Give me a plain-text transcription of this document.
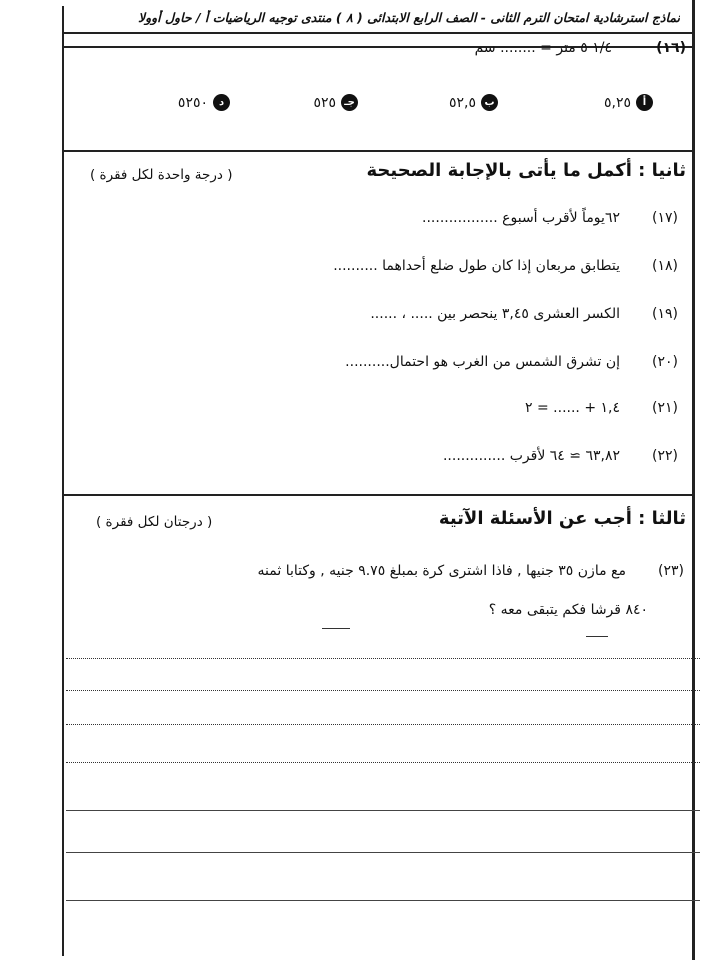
نماذج استرشادية امتحان الترم الثانى - الصف الرابع الابتدائى ( ٨ ) منتدى توجيه الرياضيات أ / حاول أوولا
(١٦)
١/٤ ٥ متر = ........ سم
أ
٥,٢٥
ب
٥٢,٥
جـ
٥٢٥
د
٥٢٥٠
ثانيا : أكمل ما يأتى بالإجابة الصحيحة
( درجة واحدة لكل فقرة )
(١٧)
٦٢يوماً لأقرب أسبوع .................
(١٨)
يتطابق مربعان إذا كان طول ضلع أحداهما ..........
(١٩)
الكسر العشرى ٣,٤٥ ينحصر بين ..... ، ......
(٢٠)
إن تشرق الشمس من الغرب هو احتمال..........
(٢١)
١,٤ + ...... = ٢
(٢٢)
٦٣,٨٢ ≃ ٦٤ لأقرب ..............
ثالثا : أجب عن الأسئلة الآتية
( درجتان لكل فقرة )
(٢٣)
مع مازن ٣٥ جنيها , فاذا اشترى كرة بمبلغ ٩.٧٥ جنيه , وكتابا ثمنه
٨٤٠ قرشا فكم يتبقى معه ؟
